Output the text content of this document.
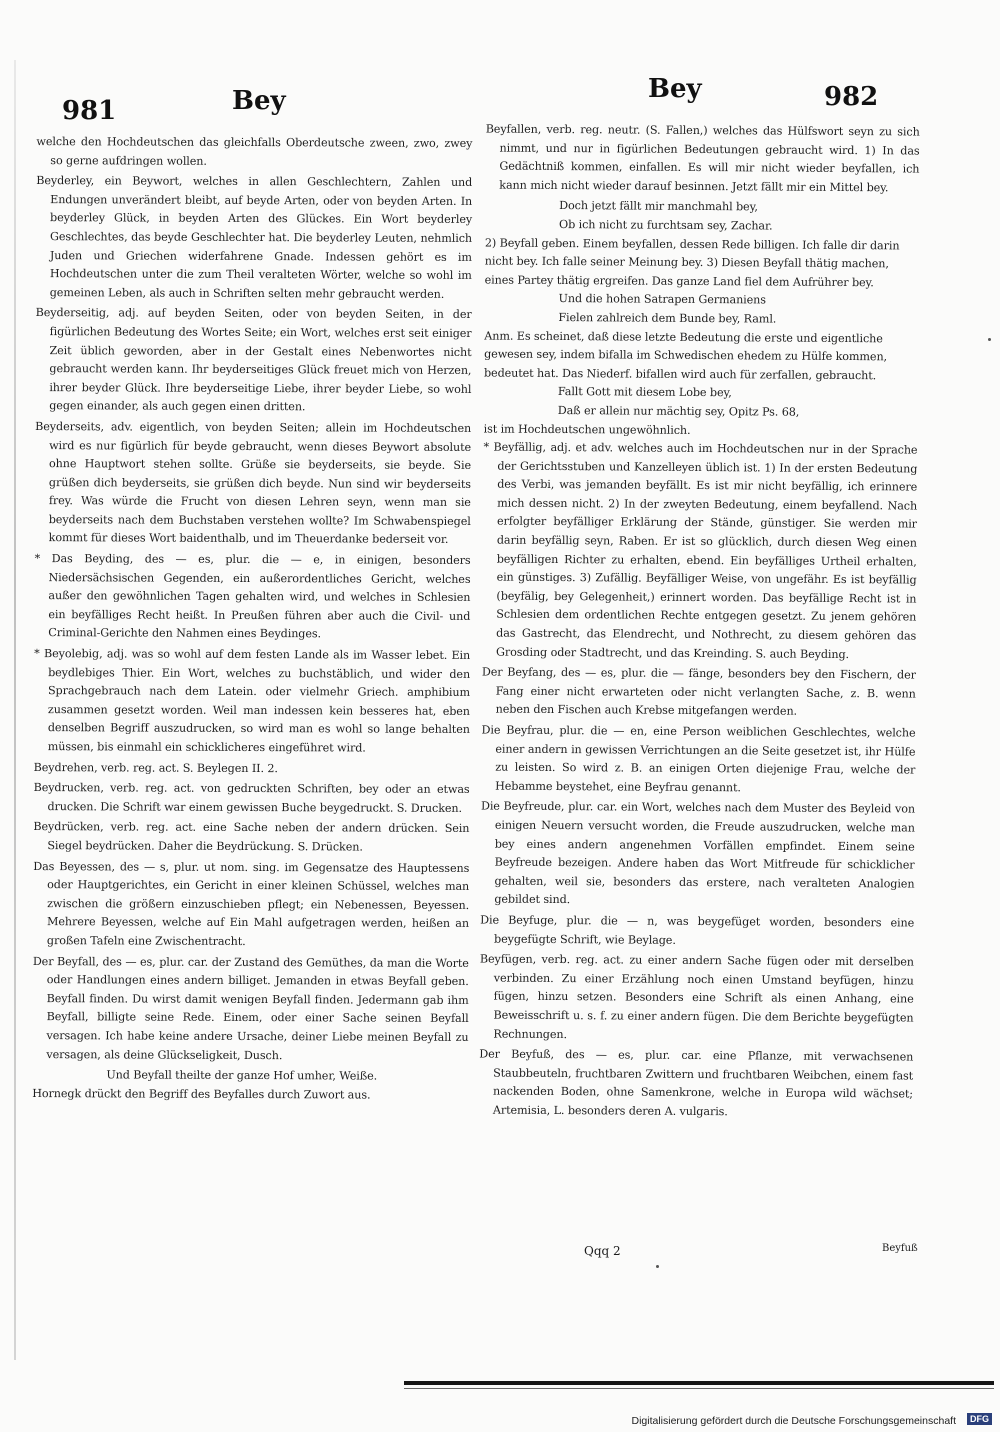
981	Bey	Bey	982
welche den Hochdeutschen das gleichfalls Oberdeutsche zween, zwo, zwey so gerne aufdringen wollen.
Beyderley, ein Beywort, welches in allen Geschlechtern, Zahlen und Endungen unverändert bleibt, auf beyde Arten, oder von beyden Arten. In beyderley Glück, in beyden Arten des Glückes. Ein Wort beyderley Geschlechtes, das beyde Geschlechter hat. Die beyderley Leuten, nehmlich Juden und Griechen widerfahrene Gnade. Indessen gehört es im Hochdeutschen unter die zum Theil veralteten Wörter, welche so wohl im gemeinen Leben, als auch in Schriften selten mehr gebraucht werden.
Beyderseitig, adj. auf beyden Seiten, oder von beyden Seiten, in der figürlichen Bedeutung des Wortes Seite; ein Wort, welches erst seit einiger Zeit üblich geworden, aber in der Gestalt eines Nebenwortes nicht gebraucht werden kann. Ihr beyderseitiges Glück freuet mich von Herzen, ihrer beyder Glück. Ihre beyderseitige Liebe, ihrer beyder Liebe, so wohl gegen einander, als auch gegen einen dritten.
Beyderseits, adv. eigentlich, von beyden Seiten; allein im Hochdeutschen wird es nur figürlich für beyde gebraucht, wenn dieses Beywort absolute ohne Hauptwort stehen sollte. Grüße sie beyderseits, sie beyde. Sie grüßen dich beyderseits, sie grüßen dich beyde. Nun sind wir beyderseits frey. Was würde die Frucht von diesen Lehren seyn, wenn man sie beyderseits nach dem Buchstaben verstehen wollte? Im Schwabenspiegel kommt für dieses Wort baidenthalb, und im Theuerdanke bederseit vor.
* Das Beyding, des — es, plur. die — e, in einigen, besonders Niedersächsischen Gegenden, ein außerordentliches Gericht, welches außer den gewöhnlichen Tagen gehalten wird, und welches in Schlesien ein beyfälliges Recht heißt. In Preußen führen aber auch die Civil- und Criminal-Gerichte den Nahmen eines Beydinges.
* Beyolebig, adj. was so wohl auf dem festen Lande als im Wasser lebet. Ein beydlebiges Thier. Ein Wort, welches zu buchstäblich, und wider den Sprachgebrauch nach dem Latein. oder vielmehr Griech. amphibium zusammen gesetzt worden. Weil man indessen kein besseres hat, eben denselben Begriff auszudrucken, so wird man es wohl so lange behalten müssen, bis einmahl ein schicklicheres eingeführet wird.
Beydrehen, verb. reg. act. S. Beylegen II. 2.
Beydrucken, verb. reg. act. von gedruckten Schriften, bey oder an etwas drucken. Die Schrift war einem gewissen Buche beygedruckt. S. Drucken.
Beydrücken, verb. reg. act. eine Sache neben der andern drücken. Sein Siegel beydrücken. Daher die Beydrückung. S. Drücken.
Das Beyessen, des — s, plur. ut nom. sing. im Gegensatze des Hauptessens oder Hauptgerichtes, ein Gericht in einer kleinen Schüssel, welches man zwischen die größern einzuschieben pflegt; ein Nebenessen, Beyessen. Mehrere Beyessen, welche auf Ein Mahl aufgetragen werden, heißen an großen Tafeln eine Zwischentracht.
Der Beyfall, des — es, plur. car. der Zustand des Gemüthes, da man die Worte oder Handlungen eines andern billiget. Jemanden in etwas Beyfall geben. Beyfall finden. Du wirst damit wenigen Beyfall finden. Jedermann gab ihm Beyfall, billigte seine Rede. Einem, oder einer Sache seinen Beyfall versagen. Ich habe keine andere Ursache, deiner Liebe meinen Beyfall zu versagen, als deine Glückseligkeit, Dusch.

Und Beyfall theilte der ganze Hof umher, Weiße.

Hornegk drückt den Begriff des Beyfalles durch Zuwort aus.

Beyfallen, verb. reg. neutr. (S. Fallen,) welches das Hülfswort seyn zu sich nimmt, und nur in figürlichen Bedeutungen gebraucht wird. 1) In das Gedächtniß kommen, einfallen. Es will mir nicht wieder beyfallen, ich kann mich nicht wieder darauf besinnen. Jetzt fällt mir ein Mittel bey.

Doch jetzt fällt mir manchmahl bey,

Ob ich nicht zu furchtsam sey, Zachar.

2) Beyfall geben. Einem beyfallen, dessen Rede billigen. Ich falle dir darin nicht bey. Ich falle seiner Meinung bey. 3) Diesen Beyfall thätig machen, eines Partey thätig ergreifen. Das ganze Land fiel dem Aufrührer bey.

Und die hohen Satrapen Germaniens

Fielen zahlreich dem Bunde bey, Raml.

Anm. Es scheinet, daß diese letzte Bedeutung die erste und eigentliche gewesen sey, indem bifalla im Schwedischen ehedem zu Hülfe kommen, bedeutet hat. Das Niederf. bifallen wird auch für zerfallen, gebraucht.

Fallt Gott mit diesem Lobe bey,

Daß er allein nur mächtig sey, Opitz Ps. 68,

ist im Hochdeutschen ungewöhnlich.

* Beyfällig, adj. et adv. welches auch im Hochdeutschen nur in der Sprache der Gerichtsstuben und Kanzelleyen üblich ist. 1) In der ersten Bedeutung des Verbi, was jemanden beyfällt. Es ist mir nicht beyfällig, ich erinnere mich dessen nicht. 2) In der zweyten Bedeutung, einem beyfallend. Nach erfolgter beyfälliger Erklärung der Stände, günstiger. Sie werden mir darin beyfällig seyn, Raben. Er ist so glücklich, durch diesen Weg einen beyfälligen Richter zu erhalten, ebend. Ein beyfälliges Urtheil erhalten, ein günstiges. 3) Zufällig. Beyfälliger Weise, von ungefähr. Es ist beyfällig (beyfälig, bey Gelegenheit,) erinnert worden. Das beyfällige Recht ist in Schlesien dem ordentlichen Rechte entgegen gesetzt. Zu jenem gehören das Gastrecht, das Elendrecht, und Nothrecht, zu diesem gehören das Grosding oder Stadtrecht, und das Kreinding. S. auch Beyding.
Der Beyfang, des — es, plur. die — fänge, besonders bey den Fischern, der Fang einer nicht erwarteten oder nicht verlangten Sache, z. B. wenn neben den Fischen auch Krebse mitgefangen werden.
Die Beyfrau, plur. die — en, eine Person weiblichen Geschlechtes, welche einer andern in gewissen Verrichtungen an die Seite gesetzet ist, ihr Hülfe zu leisten. So wird z. B. an einigen Orten diejenige Frau, welche der Hebamme beystehet, eine Beyfrau genannt.
Die Beyfreude, plur. car. ein Wort, welches nach dem Muster des Beyleid von einigen Neuern versucht worden, die Freude auszudrucken, welche man bey eines andern angenehmen Vorfällen empfindet. Einem seine Beyfreude bezeigen. Andere haben das Wort Mitfreude für schicklicher gehalten, weil sie, besonders das erstere, nach veralteten Analogien gebildet sind.
Die Beyfuge, plur. die — n, was beygefüget worden, besonders eine beygefügte Schrift, wie Beylage.
Beyfügen, verb. reg. act. zu einer andern Sache fügen oder mit derselben verbinden. Zu einer Erzählung noch einen Umstand beyfügen, hinzu fügen, hinzu setzen. Besonders eine Schrift als einen Anhang, eine Beweisschrift u. s. f. zu einer andern fügen. Die dem Berichte beygefügten Rechnungen.
Der Beyfuß, des — es, plur. car. eine Pflanze, mit verwachsenen Staubbeuteln, fruchtbaren Zwittern und fruchtbaren Weibchen, einem fast nackenden Boden, ohne Samenkrone, welche in Europa wild wächset; Artemisia, L. besonders deren A. vulgaris.
Qqq 2	Beyfuß
Digitalisierung gefördert durch die Deutsche Forschungsgemeinschaft	DFG
